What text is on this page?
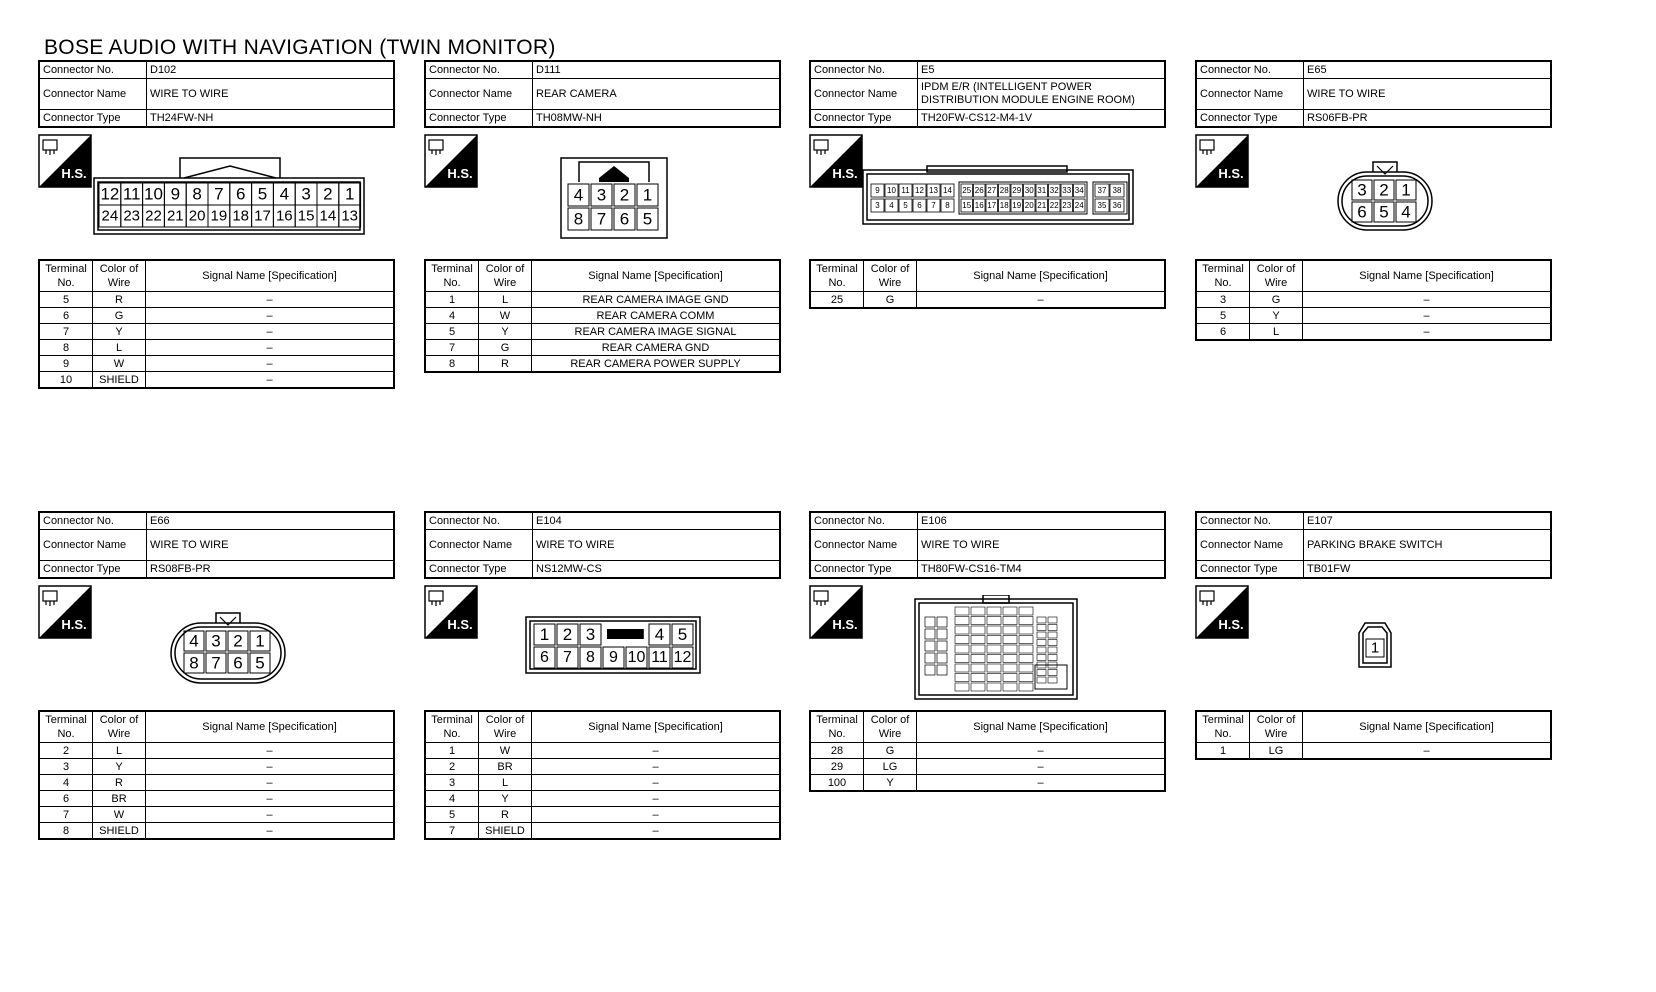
BOSE AUDIO WITH NAVIGATION (TWIN MONITOR)
Connector No.	D102
Connector Name	WIRE TO WIRE
Connector Type	TH24FW-NH
H.S.
12 11 10 9 8 7 6 5 4 3 2 1
24 23 22 21 20 19 18 17 16 15 14 13
Terminal No.	Color of Wire	Signal Name [Specification]
5	R	–
6	G	–
7	Y	–
8	L	–
9	W	–
10	SHIELD	–
Connector No.	D111
Connector Name	REAR CAMERA
Connector Type	TH08MW-NH
H.S.
4 3 2 1
8 7 6 5
Terminal No.	Color of Wire	Signal Name [Specification]
1	L	REAR CAMERA IMAGE GND
4	W	REAR CAMERA COMM
5	Y	REAR CAMERA IMAGE SIGNAL
7	G	REAR CAMERA GND
8	R	REAR CAMERA POWER SUPPLY
Connector No.	E5
Connector Name	IPDM E/R (INTELLIGENT POWER DISTRIBUTION MODULE ENGINE ROOM)
Connector Type	TH20FW-CS12-M4-1V
H.S.
9
3
10
4
11
5
12
6
13
7
14
8
25
15
26
16
27
17
28
18
29
19
30
20
31
21
32
22
33
23
34
24
37
35
38
36
Terminal No.	Color of Wire	Signal Name [Specification]
25	G	–
Connector No.	E65
Connector Name	WIRE TO WIRE
Connector Type	RS06FB-PR
H.S.
3 2 1
6 5 4
Terminal No.	Color of Wire	Signal Name [Specification]
3	G	–
5	Y	–
6	L	–
Connector No.	E66
Connector Name	WIRE TO WIRE
Connector Type	RS08FB-PR
H.S.
4 3 2 1
8 7 6 5
Terminal No.	Color of Wire	Signal Name [Specification]
2	L	–
3	Y	–
4	R	–
6	BR	–
7	W	–
8	SHIELD	–
Connector No.	E104
Connector Name	WIRE TO WIRE
Connector Type	NS12MW-CS
H.S.
1 2 3	4 5
6 7 8 9 10 11 12
Terminal No.	Color of Wire	Signal Name [Specification]
1	W	–
2	BR	–
3	L	–
4	Y	–
5	R	–
7	SHIELD	–
Connector No.	E106
Connector Name	WIRE TO WIRE
Connector Type	TH80FW-CS16-TM4
H.S.
Terminal No.	Color of Wire	Signal Name [Specification]
28	G	–
29	LG	–
100	Y	–
Connector No.	E107
Connector Name	PARKING BRAKE SWITCH
Connector Type	TB01FW
H.S.
1
Terminal No.	Color of Wire	Signal Name [Specification]
1	LG	–
